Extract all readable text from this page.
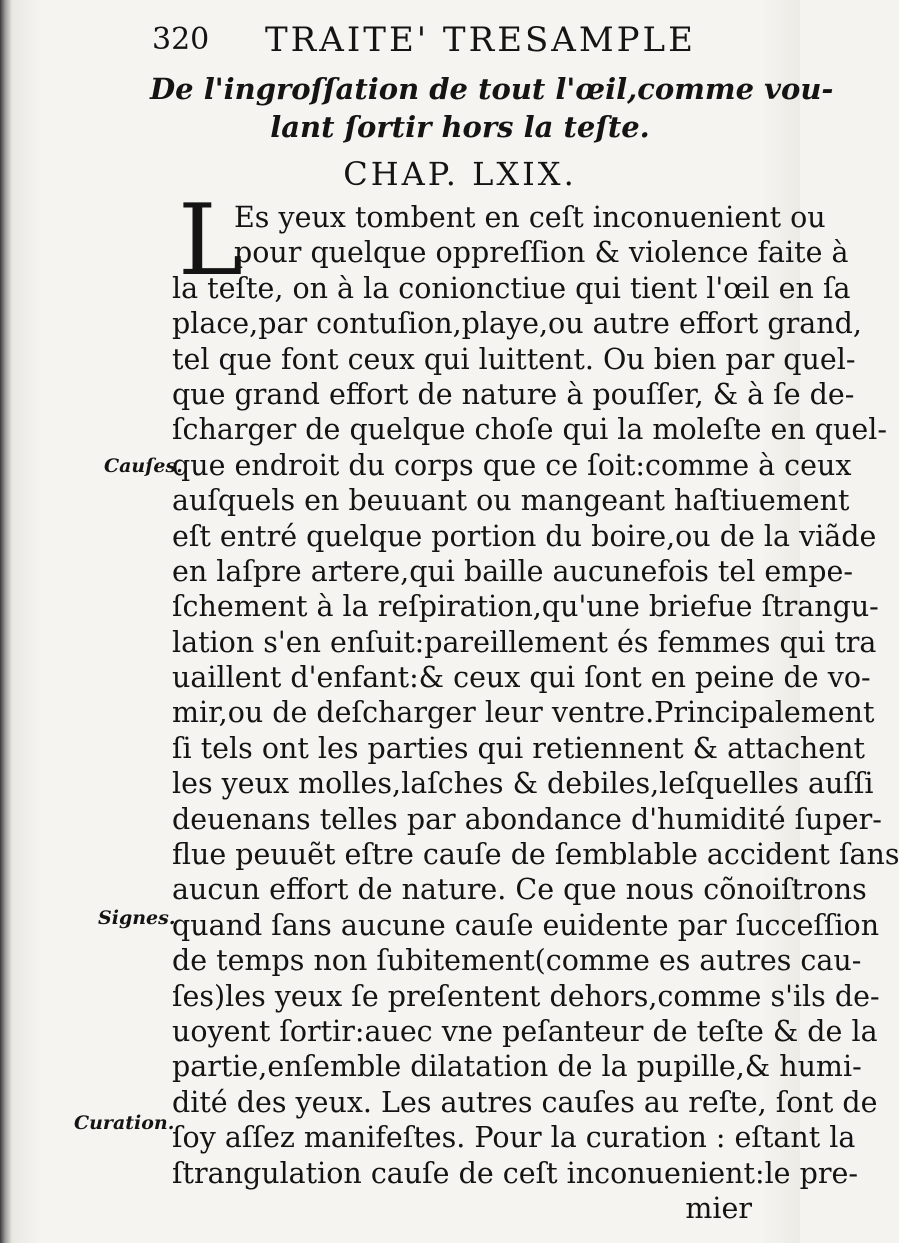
320 TRAITE' TRESAMPLE
De l'ingroſſation de tout l'œil,comme vou-
lant ſortir hors la teſte.
CHAP. LXIX.
L
Es yeux tombent en ceſt inconuenient ou
pour quelque oppreſſion & violence faite à
la teſte, on à la conionctiue qui tient l'œil en ſa
place,par contuſion,playe,ou autre effort grand,
tel que font ceux qui luittent. Ou bien par quel-
que grand effort de nature à pouſſer, & à ſe de-
ſcharger de quelque choſe qui la moleſte en quel-
que endroit du corps que ce ſoit:comme à ceux
auſquels en beuuant ou mangeant haſtiuement
eſt entré quelque portion du boire,ou de la viãde
en laſpre artere,qui baille aucunefois tel empe-
ſchement à la reſpiration,qu'une briefue ſtrangu-
lation s'en enſuit:pareillement és femmes qui tra
uaillent d'enfant:& ceux qui ſont en peine de vo-
mir,ou de deſcharger leur ventre.Principalement
ſi tels ont les parties qui retiennent & attachent
les yeux molles,laſches & debiles,leſquelles auſſi
deuenans telles par abondance d'humidité ſuper-
flue peuuẽt eſtre cauſe de ſemblable accident ſans
aucun effort de nature. Ce que nous cõnoiſtrons
quand ſans aucune cauſe euidente par ſucceſſion
de temps non ſubitement(comme es autres cau-
ſes)les yeux ſe preſentent dehors,comme s'ils de-
uoyent ſortir:auec vne peſanteur de teſte & de la
partie,enſemble dilatation de la pupille,& humi-
dité des yeux. Les autres cauſes au reſte, ſont de
ſoy aſſez manifeſtes. Pour la curation : eſtant la
ſtrangulation cauſe de ceſt inconuenient:le pre-
mier
Cauſes.
Signes.
Curation.
